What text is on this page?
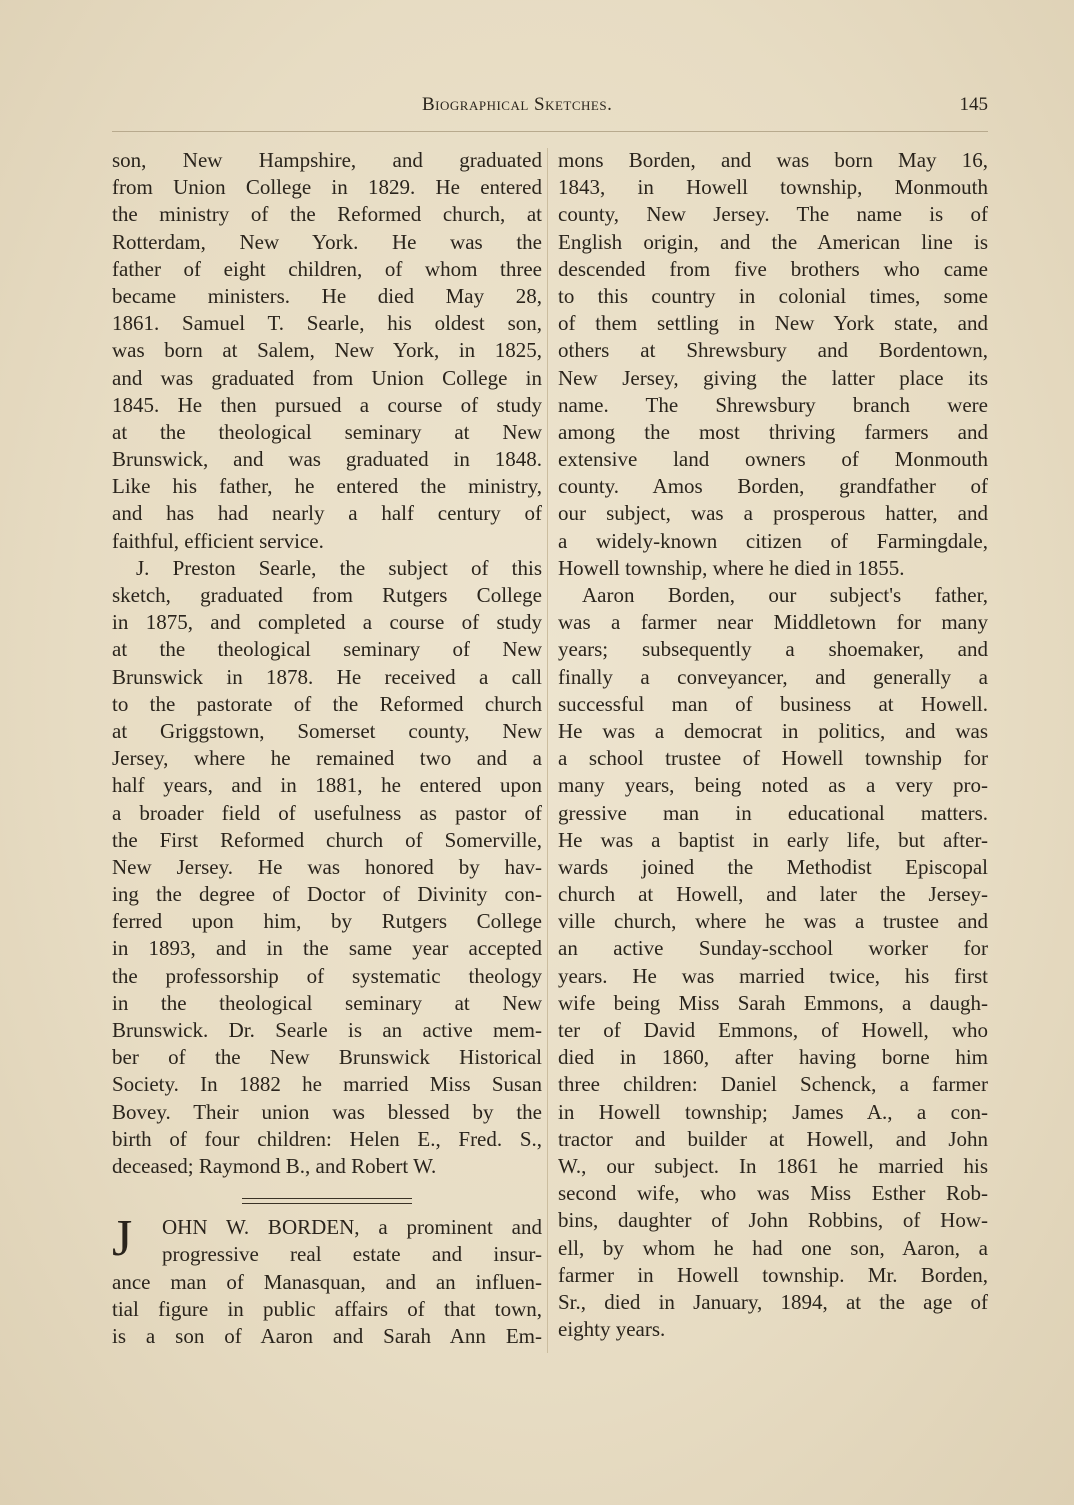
Biographical Sketches.	145
son, New Hampshire, and graduated
from Union College in 1829. He entered
the ministry of the Reformed church, at
Rotterdam, New York. He was the
father of eight children, of whom three
became ministers. He died May 28,
1861. Samuel T. Searle, his oldest son,
was born at Salem, New York, in 1825,
and was graduated from Union College in
1845. He then pursued a course of study
at the theological seminary at New
Brunswick, and was graduated in 1848.
Like his father, he entered the ministry,
and has had nearly a half century of
faithful, efficient service.
J. Preston Searle, the subject of this
sketch, graduated from Rutgers College
in 1875, and completed a course of study
at the theological seminary of New
Brunswick in 1878. He received a call
to the pastorate of the Reformed church
at Griggstown, Somerset county, New
Jersey, where he remained two and a
half years, and in 1881, he entered upon
a broader field of usefulness as pastor of
the First Reformed church of Somerville,
New Jersey. He was honored by hav-
ing the degree of Doctor of Divinity con-
ferred upon him, by Rutgers College
in 1893, and in the same year accepted
the professorship of systematic theology
in the theological seminary at New
Brunswick. Dr. Searle is an active mem-
ber of the New Brunswick Historical
Society. In 1882 he married Miss Susan
Bovey. Their union was blessed by the
birth of four children: Helen E., Fred. S.,
deceased; Raymond B., and Robert W.
J	OHN W. BORDEN, a prominent and
progressive real estate and insur-
ance man of Manasquan, and an influen-
tial figure in public affairs of that town,
is a son of Aaron and Sarah Ann Em-
mons Borden, and was born May 16,
1843, in Howell township, Monmouth
county, New Jersey. The name is of
English origin, and the American line is
descended from five brothers who came
to this country in colonial times, some
of them settling in New York state, and
others at Shrewsbury and Bordentown,
New Jersey, giving the latter place its
name. The Shrewsbury branch were
among the most thriving farmers and
extensive land owners of Monmouth
county. Amos Borden, grandfather of
our subject, was a prosperous hatter, and
a widely-known citizen of Farmingdale,
Howell township, where he died in 1855.
Aaron Borden, our subject's father,
was a farmer near Middletown for many
years; subsequently a shoemaker, and
finally a conveyancer, and generally a
successful man of business at Howell.
He was a democrat in politics, and was
a school trustee of Howell township for
many years, being noted as a very pro-
gressive man in educational matters.
He was a baptist in early life, but after-
wards joined the Methodist Episcopal
church at Howell, and later the Jersey-
ville church, where he was a trustee and
an active Sunday-scchool worker for
years. He was married twice, his first
wife being Miss Sarah Emmons, a daugh-
ter of David Emmons, of Howell, who
died in 1860, after having borne him
three children: Daniel Schenck, a farmer
in Howell township; James A., a con-
tractor and builder at Howell, and John
W., our subject. In 1861 he married his
second wife, who was Miss Esther Rob-
bins, daughter of John Robbins, of How-
ell, by whom he had one son, Aaron, a
farmer in Howell township. Mr. Borden,
Sr., died in January, 1894, at the age of
eighty years.
